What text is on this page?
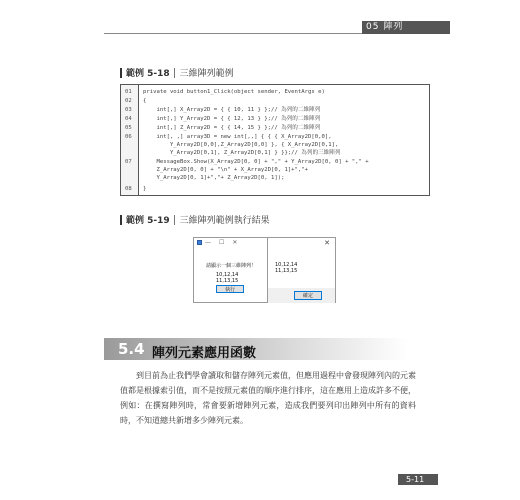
05 陣列
範例 5-18 三維陣列範例
01 private void button1_Click(object sender, EventArgs e)
02 {
03 int[,] X_Array2D = { { 10, 11 } };// 為列的二維陣列
04 int[,] Y_Array2D = { { 12, 13 } };// 為列的二維陣列
05 int[,] Z_Array2D = { { 14, 15 } };// 為列的二維陣列
06 int[, ,] array3D = new int[,,] { { { X_Array2D[0,0],
Y_Array2D[0,0],Z_Array2D[0,0] }, { X_Array2D[0,1],
Y_Array2D[0,1], Z_Array2D[0,1] } }};// 為列的三維陣列
07 MessageBox.Show(X_Array2D[0, 0] + "," + Y_Array2D[0, 0] + "," +
Z_Array2D[0, 0] + "\n" + X_Array2D[0, 1]+","+
Y_Array2D[0, 1]+","+ Z_Array2D[0, 1]);
08 }
範例 5-19 三維陣列範例執行結果
— ☐ ✕
請顯示一個三維陣列！
10,12,14
11,13,15
執行
✕
10,12,14
11,13,15
確定
5.4 陣列元素應用函數
到目前為止我們學會讀取和儲存陣列元素值，但應用過程中會發現陣列內的元素值都是根據索引值，而不是按照元素值的順序進行排序，這在應用上造成許多不便，例如：在撰寫陣列時，常會要新增陣列元素，造成我們要列印出陣列中所有的資料時，不知道總共新增多少陣列元素。
5-11
